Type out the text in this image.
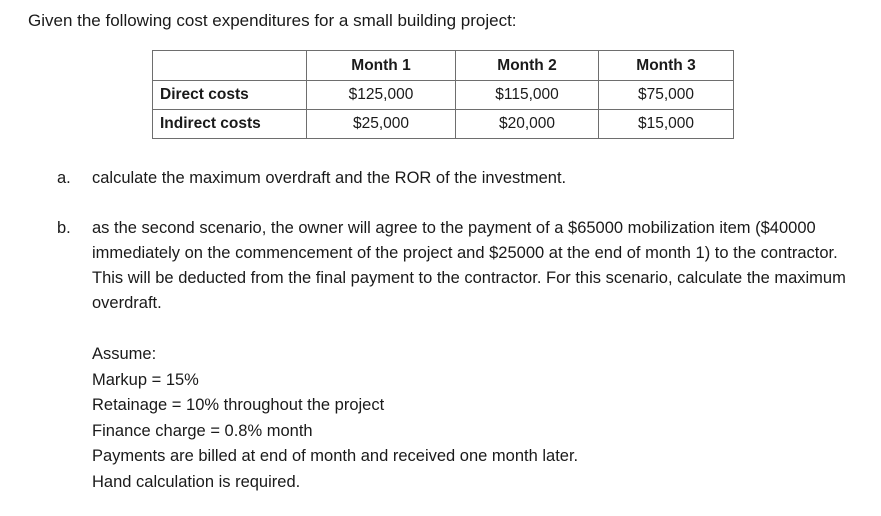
Given the following cost expenditures for a small building project:
	Month 1	Month 2	Month 3
Direct costs	$125,000	$115,000	$75,000
Indirect costs	$25,000	$20,000	$15,000
a.	calculate the maximum overdraft and the ROR of the investment.
b.	as the second scenario, the owner will agree to the payment of a $65000 mobilization item ($40000 immediately on the commencement of the project and $25000 at the end of month 1) to the contractor. This will be deducted from the final payment to the contractor. For this scenario, calculate the maximum overdraft.
Assume:
Markup = 15%
Retainage = 10% throughout the project
Finance charge = 0.8% month
Payments are billed at end of month and received one month later.
Hand calculation is required.
